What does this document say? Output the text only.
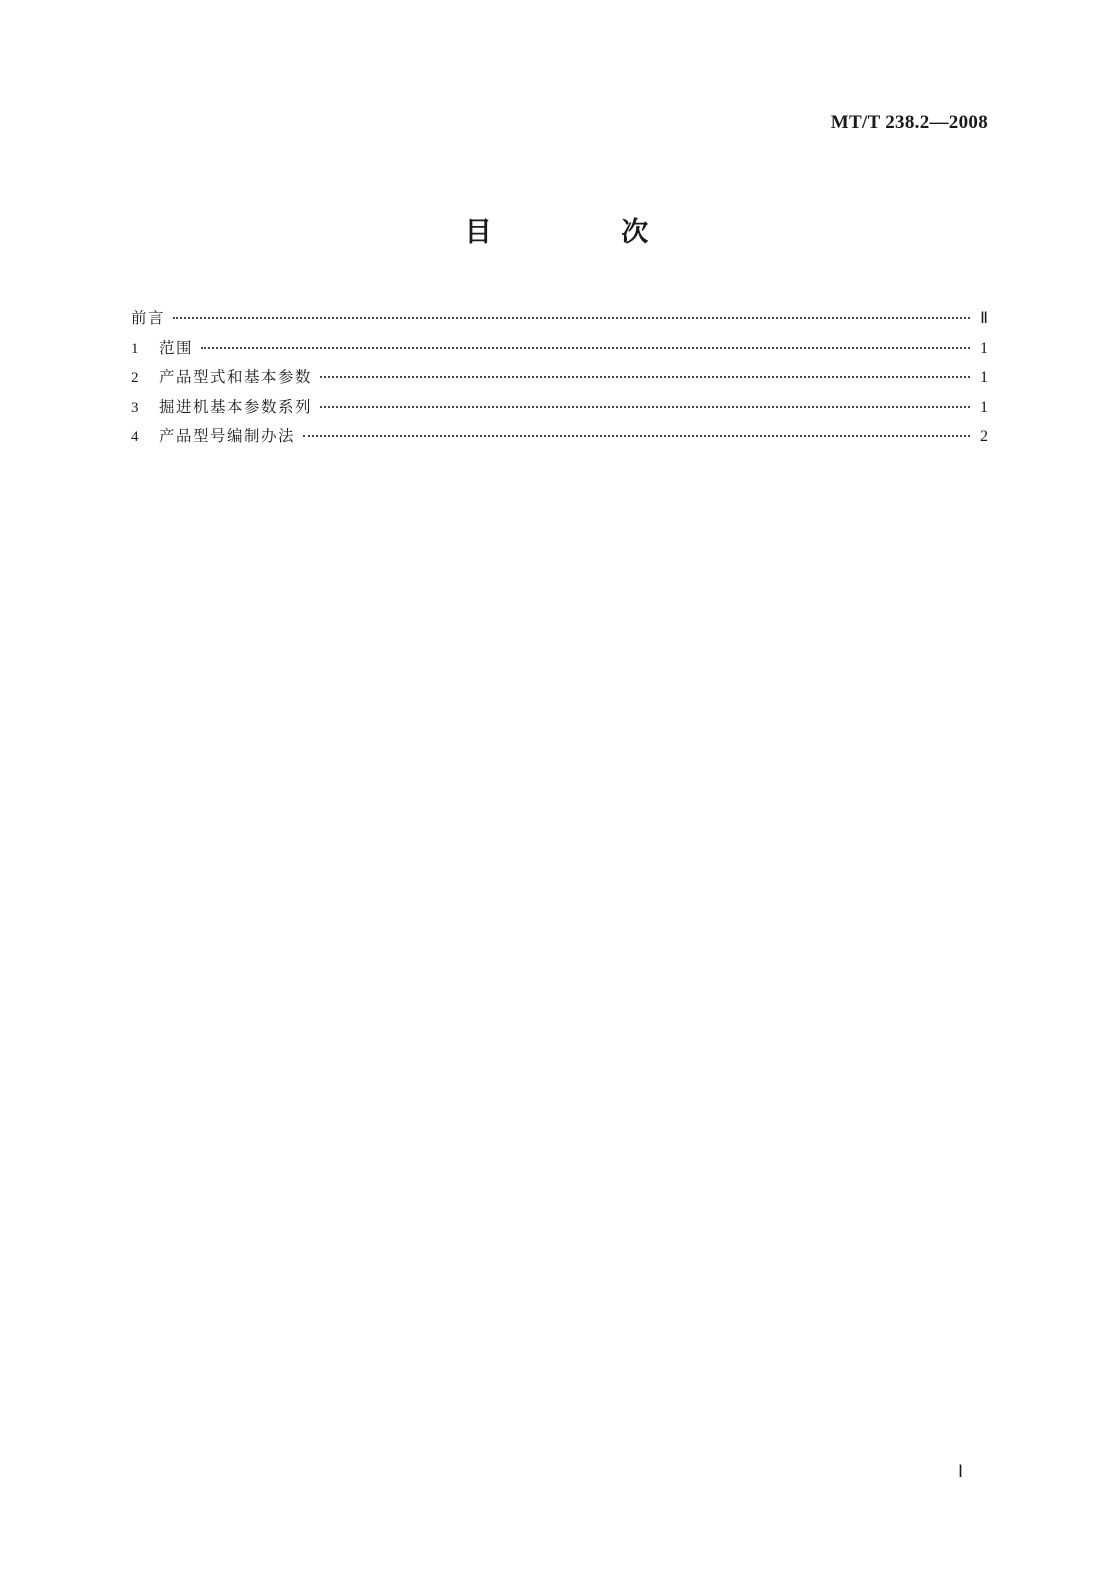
MT/T 238.2—2008
目 次
前言	Ⅱ
1	范围	1
2	产品型式和基本参数	1
3	掘进机基本参数系列	1
4	产品型号编制办法	2
Ⅰ
